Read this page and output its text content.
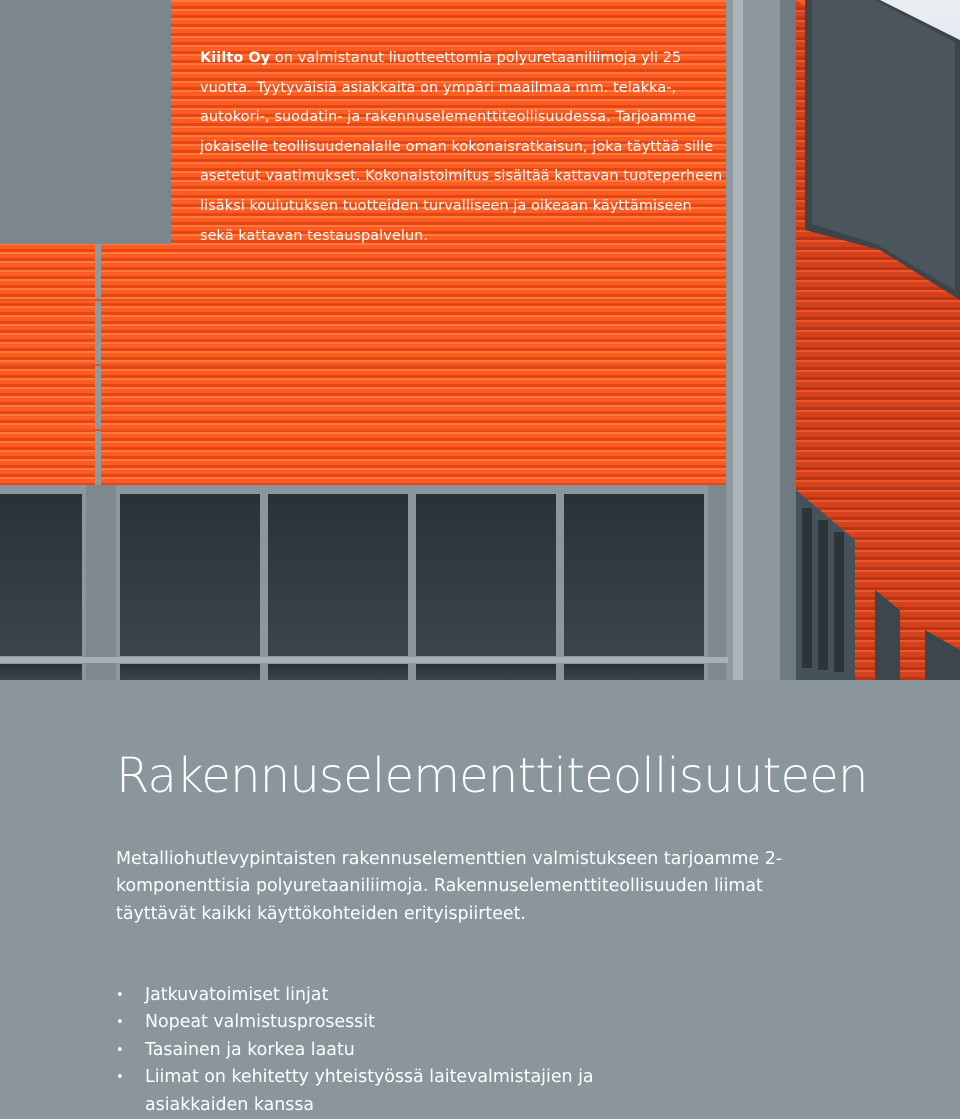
Kiilto Oy on valmistanut liuotteettomia polyuretaaniliimoja yli 25 vuotta. Tyytyväisiä asiakkaita on ympäri maailmaa mm. telakka-, autokori-, suodatin- ja rakennuselementtiteollisuudessa. Tarjoamme jokaiselle teollisuudenalalle oman kokonaisratkaisun, joka täyttää sille asetetut vaatimukset. Kokonaistoimitus sisältää kattavan tuoteperheen lisäksi koulutuksen tuotteiden turvalliseen ja oikeaan käyttämiseen sekä kattavan testauspalvelun.

Rakennuselementtiteollisuuteen

Metalliohutlevypintaisten rakennuselementtien valmistukseen tarjoamme 2-komponenttisia polyuretaaniliimoja. Rakennuselementtiteollisuuden liimat täyttävät kaikki käyttökohteiden erityispiirteet.

• Jatkuvatoimiset linjat
• Nopeat valmistusprosessit
• Tasainen ja korkea laatu
• Liimat on kehitetty yhteistyössä laitevalmistajien ja asiakkaiden kanssa
